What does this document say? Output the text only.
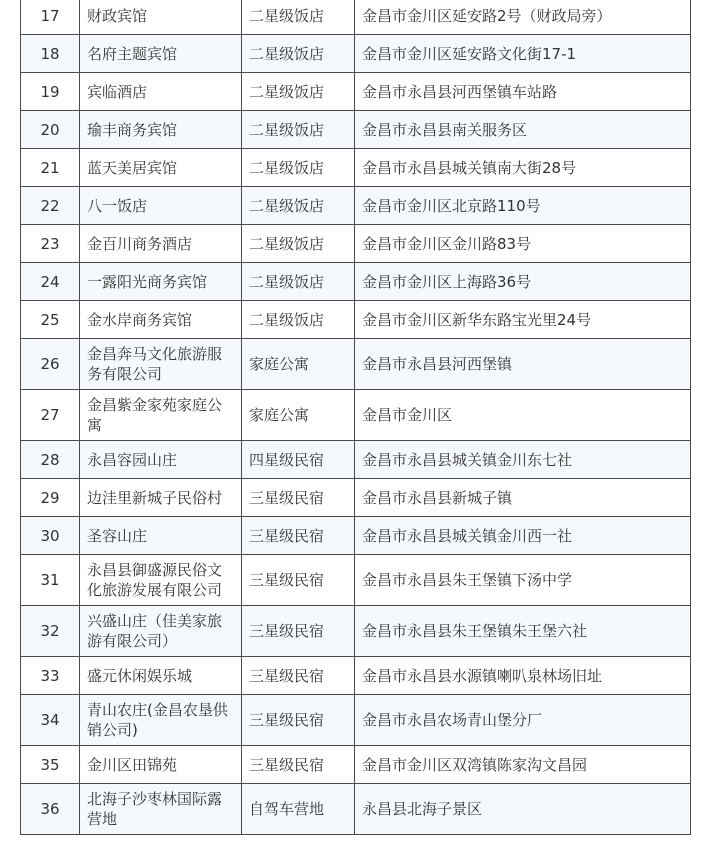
17	财政宾馆	二星级饭店	金昌市金川区延安路2号（财政局旁）
18	名府主题宾馆	二星级饭店	金昌市金川区延安路文化街17-1
19	宾临酒店	二星级饭店	金昌市永昌县河西堡镇车站路
20	瑜丰商务宾馆	二星级饭店	金昌市永昌县南关服务区
21	蓝天美居宾馆	二星级饭店	金昌市永昌县城关镇南大街28号
22	八一饭店	二星级饭店	金昌市金川区北京路110号
23	金百川商务酒店	二星级饭店	金昌市金川区金川路83号
24	一露阳光商务宾馆	二星级饭店	金昌市金川区上海路36号
25	金水岸商务宾馆	二星级饭店	金昌市金川区新华东路宝光里24号
26	金昌奔马文化旅游服务有限公司	家庭公寓	金昌市永昌县河西堡镇
27	金昌紫金家苑家庭公寓	家庭公寓	金昌市金川区
28	永昌容园山庄	四星级民宿	金昌市永昌县城关镇金川东七社
29	边洼里新城子民俗村	三星级民宿	金昌市永昌县新城子镇
30	圣容山庄	三星级民宿	金昌市永昌县城关镇金川西一社
31	永昌县御盛源民俗文化旅游发展有限公司	三星级民宿	金昌市永昌县朱王堡镇下汤中学
32	兴盛山庄（佳美家旅游有限公司）	三星级民宿	金昌市永昌县朱王堡镇朱王堡六社
33	盛元休闲娱乐城	三星级民宿	金昌市永昌县水源镇喇叭泉林场旧址
34	青山农庄(金昌农垦供销公司)	三星级民宿	金昌市永昌农场青山堡分厂
35	金川区田锦苑	三星级民宿	金昌市金川区双湾镇陈家沟文昌园
36	北海子沙枣林国际露营地	自驾车营地	永昌县北海子景区
